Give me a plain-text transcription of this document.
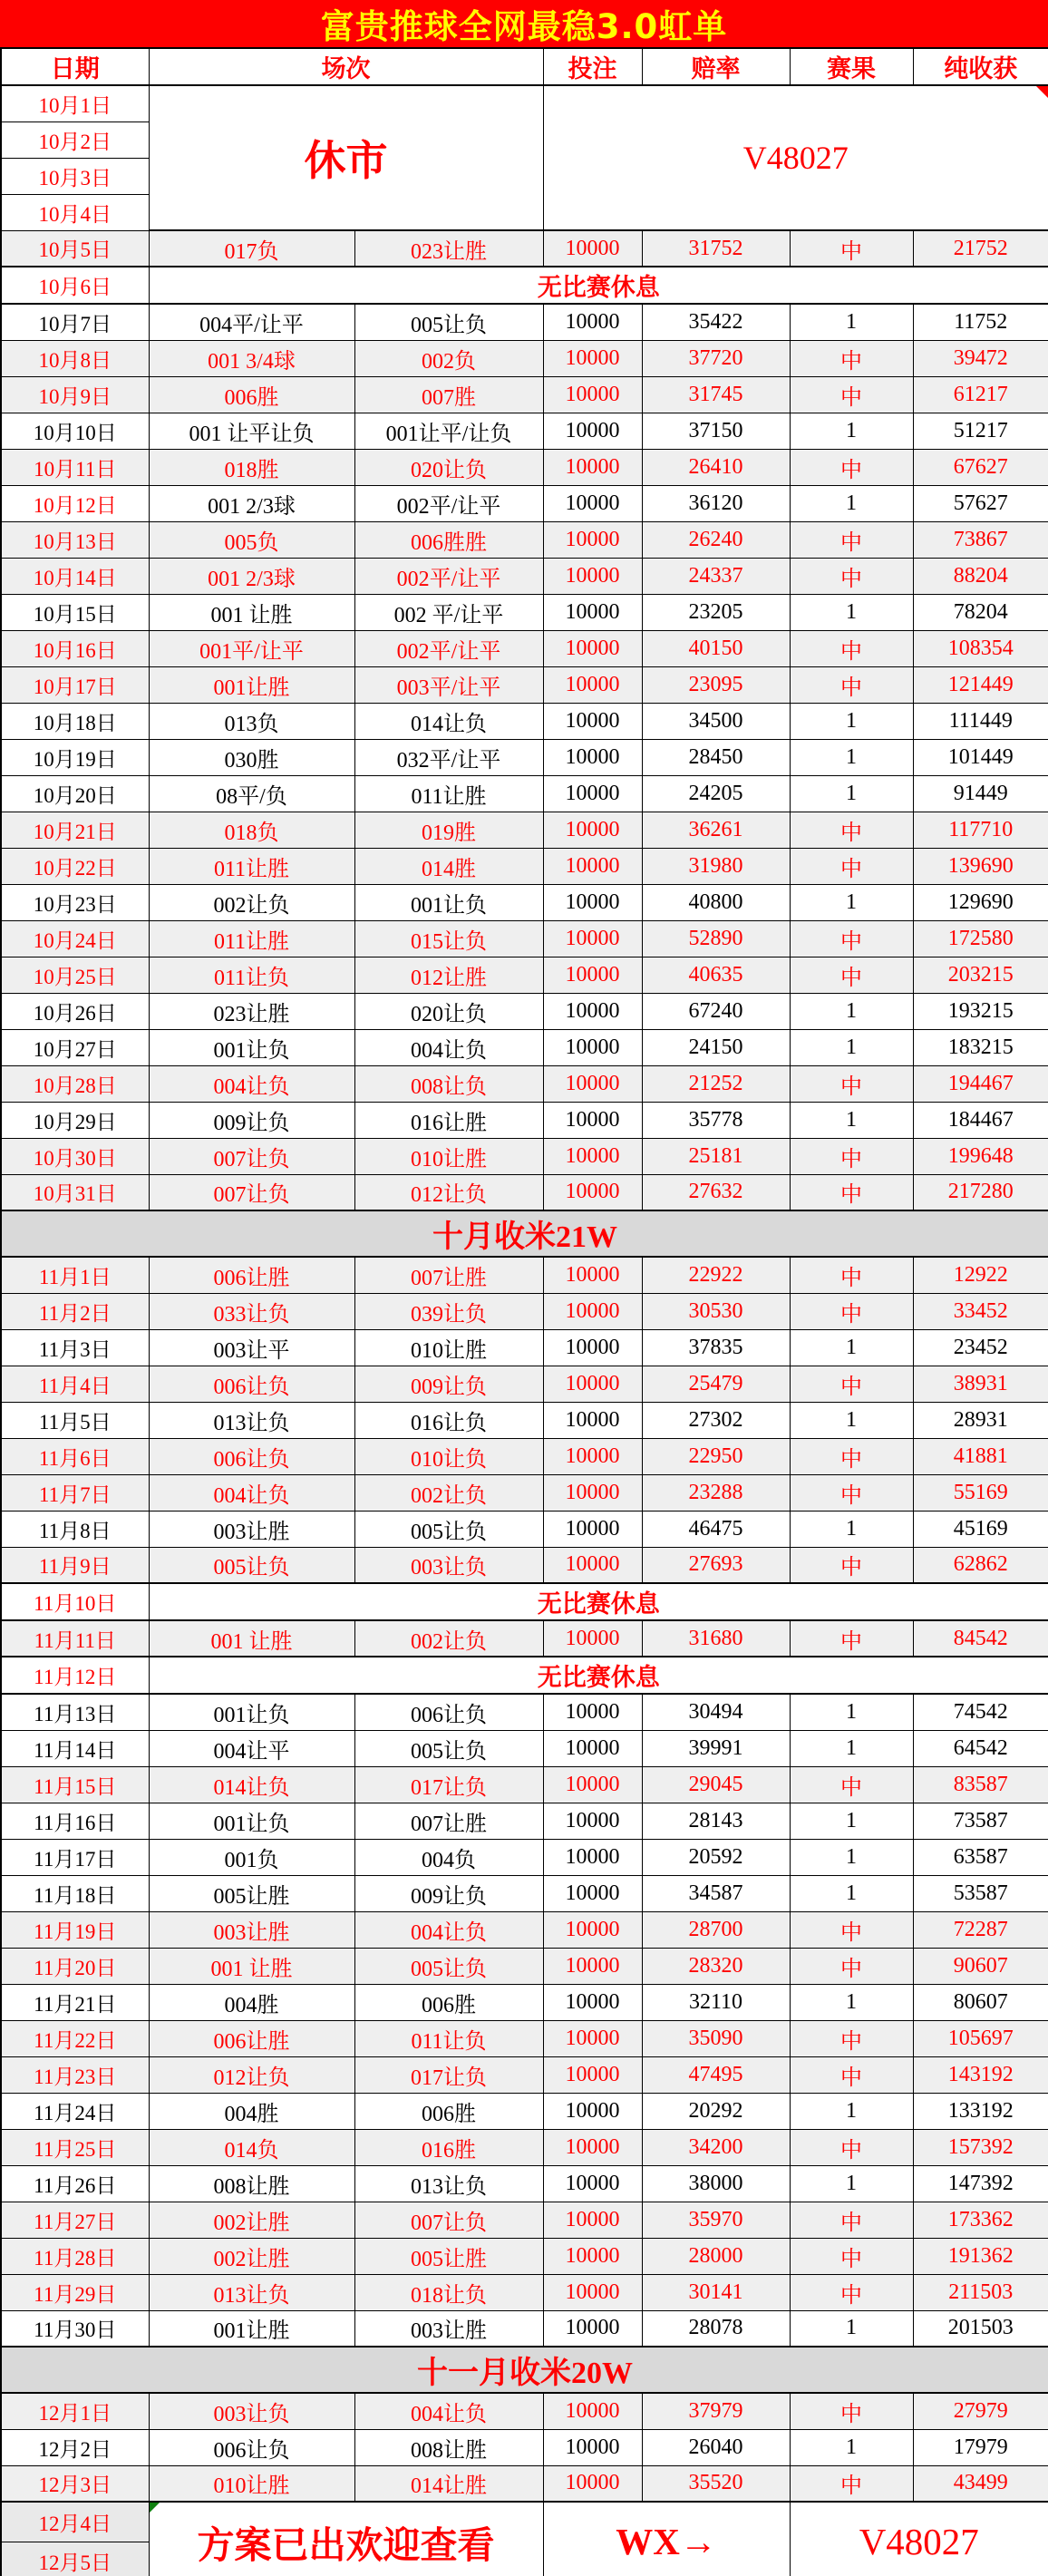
富贵推球全网最稳3.0虹单
日期	场次		投注	赔率	赛果	纯收获
10月1日	休市		V48027			

10月2日						
10月3日						
10月4日						
10月5日	017负	023让胜	10000	31752	中	21752
10月6日	无比赛休息					
10月7日	004平/让平	005让负	10000	35422	1	11752
10月8日	001 3/4球	002负	10000	37720	中	39472
10月9日	006胜	007胜	10000	31745	中	61217
10月10日	001 让平让负	001让平/让负	10000	37150	1	51217
10月11日	018胜	020让负	10000	26410	中	67627
10月12日	001 2/3球	002平/让平	10000	36120	1	57627
10月13日	005负	006胜胜	10000	26240	中	73867
10月14日	001 2/3球	002平/让平	10000	24337	中	88204
10月15日	001 让胜	002 平/让平	10000	23205	1	78204
10月16日	001平/让平	002平/让平	10000	40150	中	108354
10月17日	001让胜	003平/让平	10000	23095	中	121449
10月18日	013负	014让负	10000	34500	1	111449
10月19日	030胜	032平/让平	10000	28450	1	101449
10月20日	08平/负	011让胜	10000	24205	1	91449
10月21日	018负	019胜	10000	36261	中	117710
10月22日	011让胜	014胜	10000	31980	中	139690
10月23日	002让负	001让负	10000	40800	1	129690
10月24日	011让胜	015让负	10000	52890	中	172580
10月25日	011让负	012让胜	10000	40635	中	203215
10月26日	023让胜	020让负	10000	67240	1	193215
10月27日	001让负	004让负	10000	24150	1	183215
10月28日	004让负	008让负	10000	21252	中	194467
10月29日	009让负	016让胜	10000	35778	1	184467
10月30日	007让负	010让胜	10000	25181	中	199648
10月31日	007让负	012让负	10000	27632	中	217280
十月收米21W						
11月1日	006让胜	007让胜	10000	22922	中	12922
11月2日	033让负	039让负	10000	30530	中	33452
11月3日	003让平	010让胜	10000	37835	1	23452
11月4日	006让负	009让负	10000	25479	中	38931
11月5日	013让负	016让负	10000	27302	1	28931
11月6日	006让负	010让负	10000	22950	中	41881
11月7日	004让负	002让负	10000	23288	中	55169
11月8日	003让胜	005让负	10000	46475	1	45169
11月9日	005让负	003让负	10000	27693	中	62862
11月10日	无比赛休息					
11月11日	001 让胜	002让负	10000	31680	中	84542
11月12日	无比赛休息					
11月13日	001让负	006让负	10000	30494	1	74542
11月14日	004让平	005让负	10000	39991	1	64542
11月15日	014让负	017让负	10000	29045	中	83587
11月16日	001让负	007让胜	10000	28143	1	73587
11月17日	001负	004负	10000	20592	1	63587
11月18日	005让胜	009让负	10000	34587	1	53587
11月19日	003让胜	004让负	10000	28700	中	72287
11月20日	001 让胜	005让负	10000	28320	中	90607
11月21日	004胜	006胜	10000	32110	1	80607
11月22日	006让胜	011让负	10000	35090	中	105697
11月23日	012让负	017让负	10000	47495	中	143192
11月24日	004胜	006胜	10000	20292	1	133192
11月25日	014负	016胜	10000	34200	中	157392
11月26日	008让胜	013让负	10000	38000	1	147392
11月27日	002让胜	007让负	10000	35970	中	173362
11月28日	002让胜	005让胜	10000	28000	中	191362
11月29日	013让负	018让负	10000	30141	中	211503
11月30日	001让胜	003让胜	10000	28078	1	201503
十一月收米20W						
12月1日	003让负	004让负	10000	37979	中	27979
12月2日	006让负	008让胜	10000	26040	1	17979
12月3日	010让胜	014让胜	10000	35520	中	43499
12月4日	方案已出欢迎查看		WX→		V48027	
12月5日						
